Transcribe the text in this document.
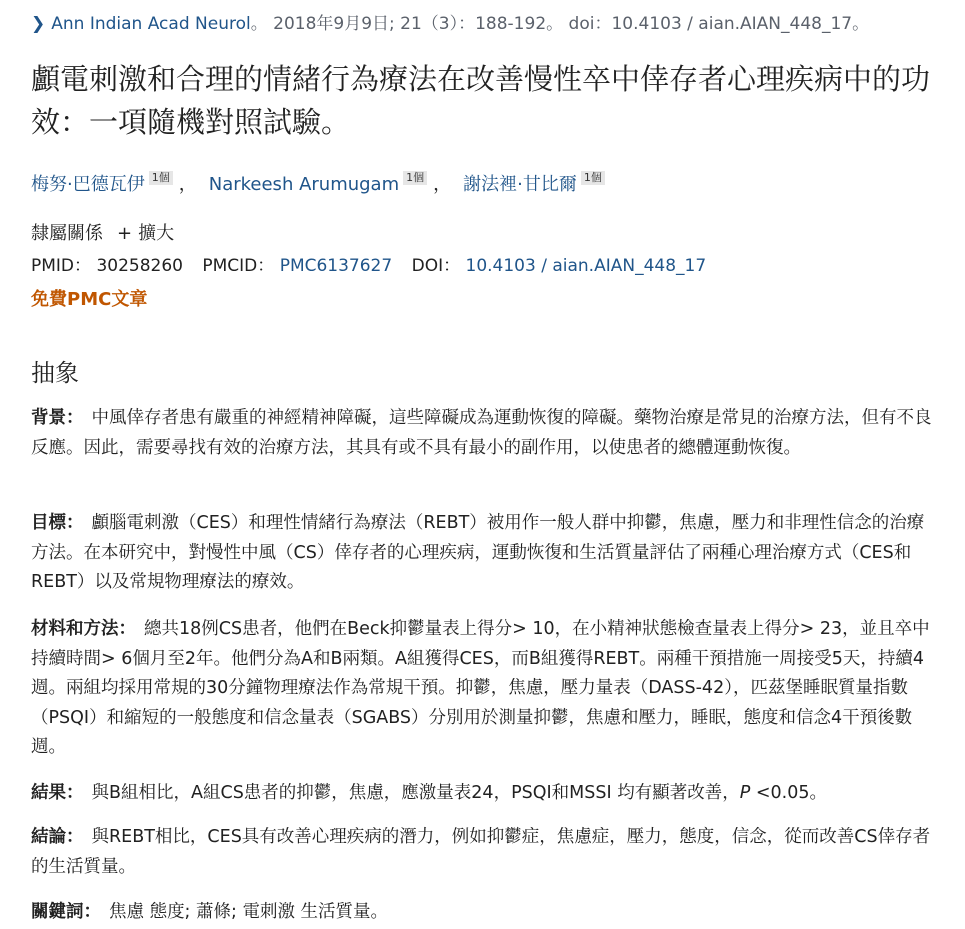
❯ Ann Indian Acad Neurol。 2018年9月9日; 21（3）：188-192。 doi：10.4103 / aian.AIAN_448_17。
顱電刺激和合理的情緒行為療法在改善慢性卒中倖存者心理疾病中的功效：一項隨機對照試驗。
梅努·巴德瓦伊 1個 ， Narkeesh Arumugam 1個 ， 謝法裡·甘比爾 1個
隸屬關係 + 擴大
PMID： 30258260 PMCID： PMC6137627 DOI： 10.4103 / aian.AIAN_448_17
免費PMC文章
抽象

背景： 中風倖存者患有嚴重的神經精神障礙，這些障礙成為運動恢復的障礙。藥物治療是常見的治療方法，但有不良反應。因此，需要尋找有效的治療方法，其具有或不具有最小的副作用，以使患者的總體運動恢復。

目標： 顱腦電刺激（CES）和理性情緒行為療法（REBT）被用作一般人群中抑鬱，焦慮，壓力和非理性信念的治療方法。在本研究中，對慢性中風（CS）倖存者的心理疾病，運動恢復和生活質量評估了兩種心理治療方式（CES和REBT）以及常規物理療法的療效。

材料和方法： 總共18例CS患者，他們在Beck抑鬱量表上得分> 10，在小精神狀態檢查量表上得分> 23，並且卒中持續時間> 6個月至2年。他們分為A和B兩類。A組獲得CES，而B組獲得REBT。兩種干預措施一周接受5天，持續4週。兩組均採用常規的30分鐘物理療法作為常規干預。抑鬱，焦慮，壓力量表（DASS-42），匹茲堡睡眠質量指數（PSQI）和縮短的一般態度和信念量表（SGABS）分別用於測量抑鬱，焦慮和壓力，睡眠，態度和信念4干預後數週。

結果： 與B組相比，A組CS患者的抑鬱，焦慮，應激量表24，PSQI和MSSI 均有顯著改善，P <0.05。

結論： 與REBT相比，CES具有改善心理疾病的潛力，例如抑鬱症，焦慮症，壓力，態度，信念，從而改善CS倖存者的生活質量。

關鍵詞： 焦慮 態度; 蕭條; 電刺激 生活質量。
